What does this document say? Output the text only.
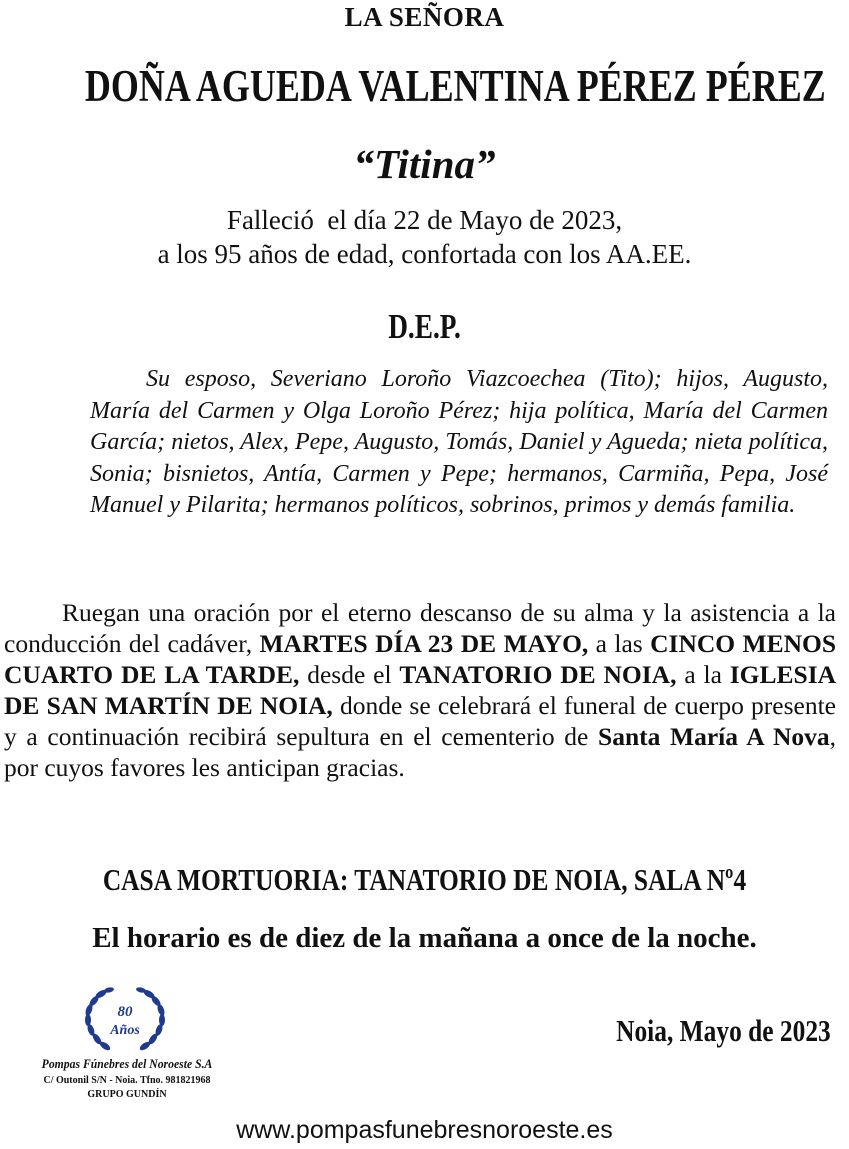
LA SEÑORA
DOÑA AGUEDA VALENTINA PÉREZ PÉREZ
“Titina”
Falleció  el día 22 de Mayo de 2023,
a los 95 años de edad, confortada con los AA.EE.
D.E.P.
Su esposo, Severiano Loroño Viazcoechea (Tito); hijos, Augusto, María del Carmen y Olga Loroño Pérez; hija política, María del Carmen García; nietos, Alex, Pepe, Augusto, Tomás, Daniel y Agueda; nieta política, Sonia; bisnietos, Antía, Carmen y Pepe; hermanos, Carmiña, Pepa, José Manuel y Pilarita; hermanos políticos, sobrinos, primos y demás familia.
Ruegan una oración por el eterno descanso de su alma y la asistencia a la conducción del cadáver, MARTES DÍA 23 DE MAYO, a las CINCO MENOS CUARTO DE LA TARDE, desde el TANATORIO DE NOIA, a la IGLESIA DE SAN MARTÍN DE NOIA, donde se celebrará el funeral de cuerpo presente y a continuación recibirá sepultura en el cementerio de Santa María A Nova, por cuyos favores les anticipan gracias.
CASA MORTUORIA: TANATORIO DE NOIA, SALA Nº4
El horario es de diez de la mañana a once de la noche.
Noia, Mayo de 2023
80
Años
Pompas Fúnebres del Noroeste S.A
C/ Outonil S/N - Noia. Tfno. 981821968
GRUPO GUNDÍN
www.pompasfunebresnoroeste.es
